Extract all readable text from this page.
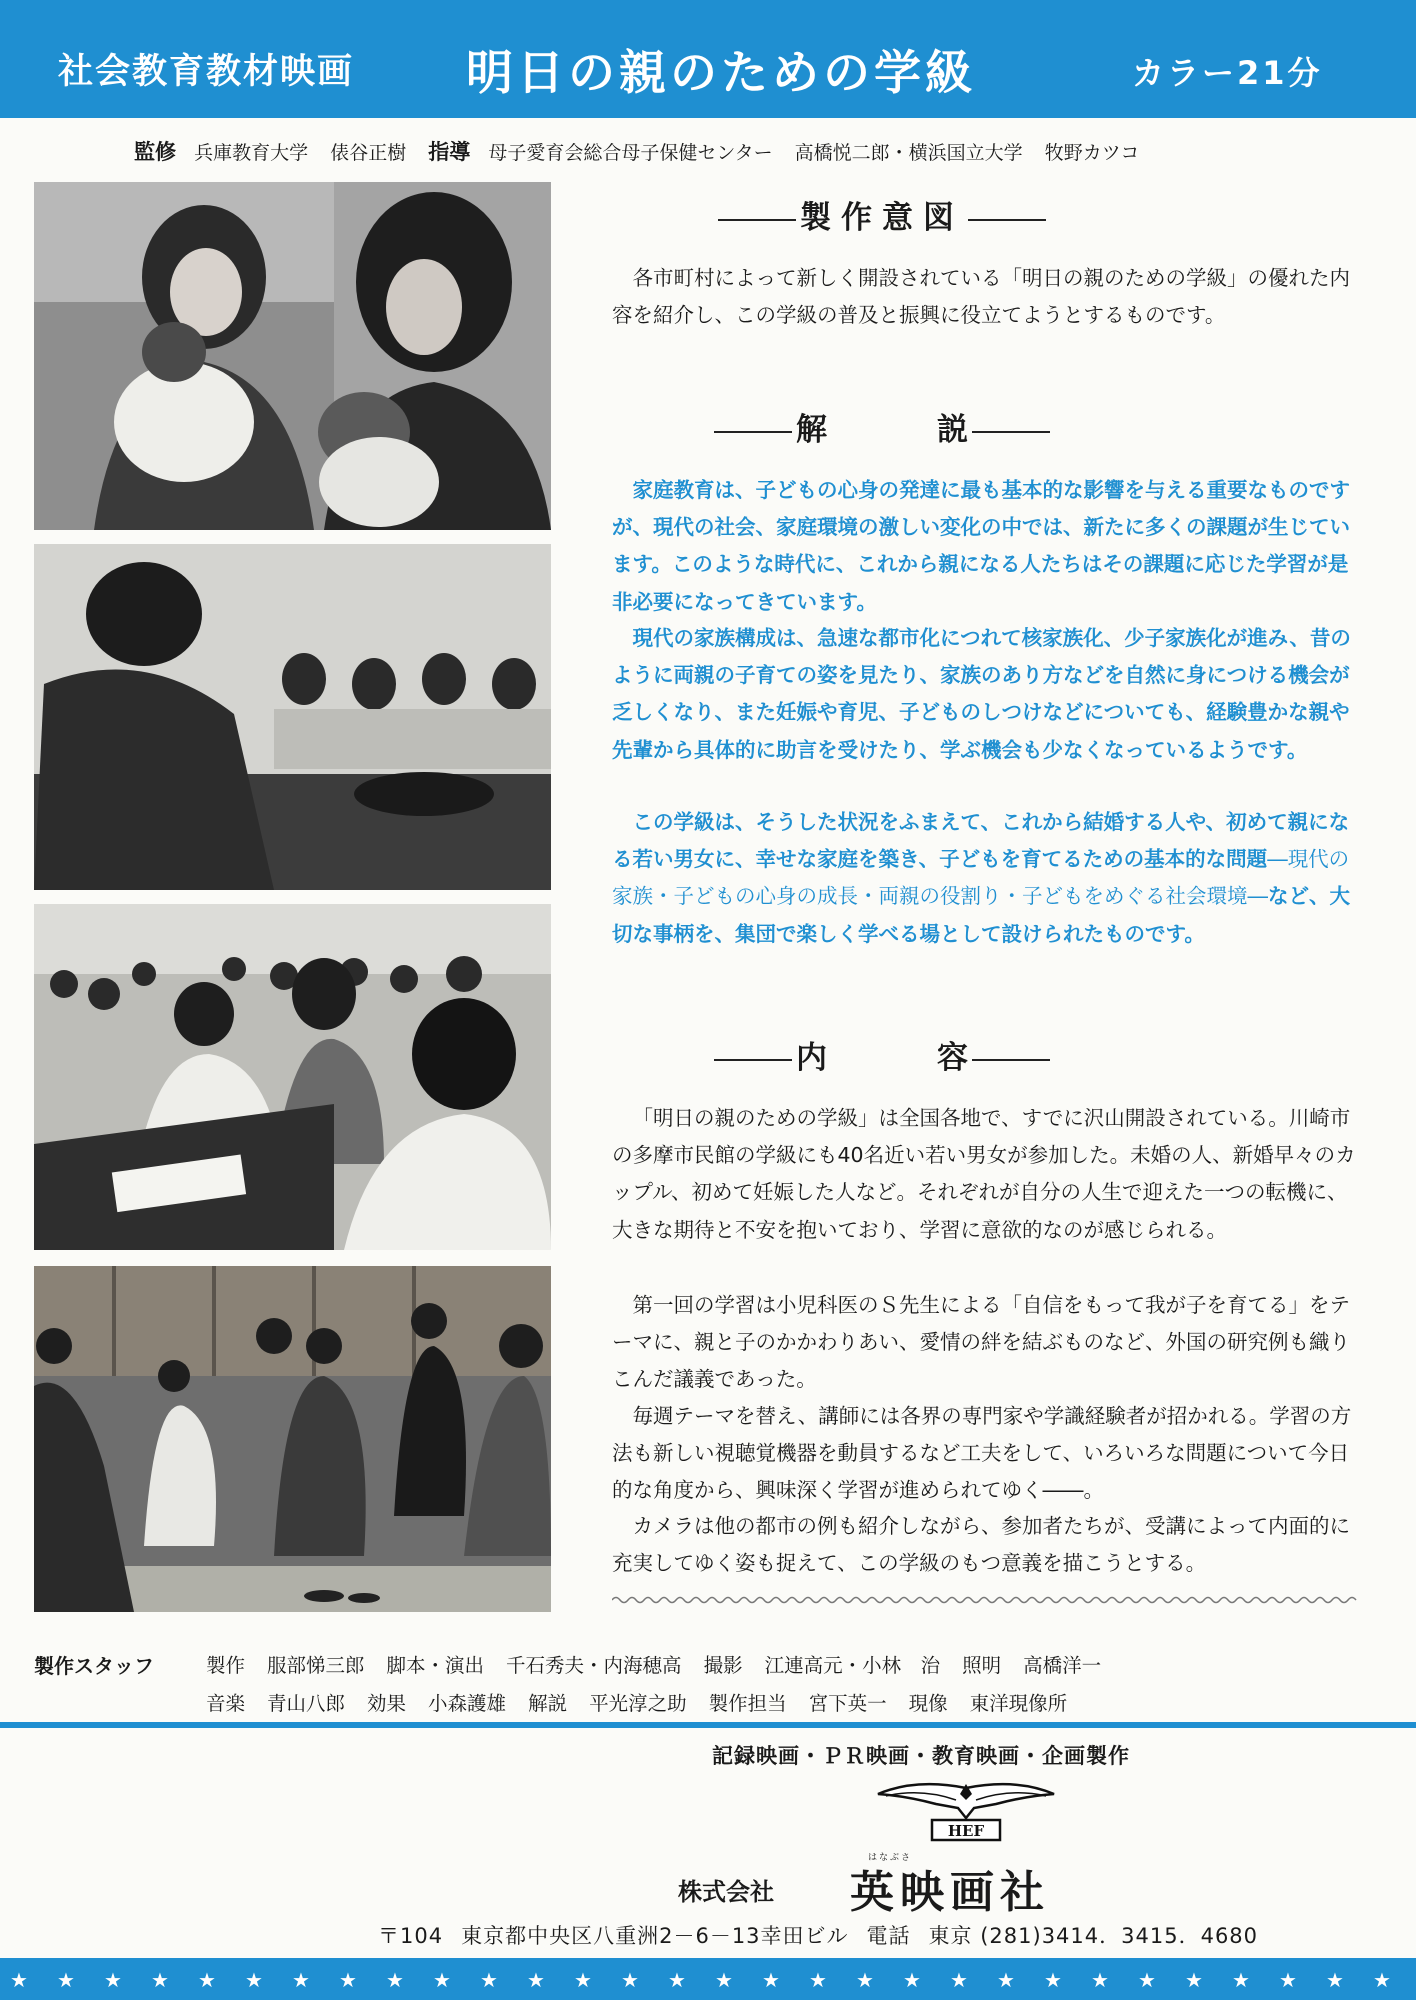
社会教育教材映画 明日の親のための学級	カラー21分
監修 兵庫教育大学 俵谷正樹 指導 母子愛育会総合母子保健センター 高橋悦二郎・横浜国立大学 牧野カツコ
製作意図

各市町村によって新しく開設されている「明日の親のための学級」の優れた内容を紹介し、この学級の普及と振興に役立てようとするものです。

解	説

家庭教育は、子どもの心身の発達に最も基本的な影響を与える重要なものですが、現代の社会、家庭環境の激しい変化の中では、新たに多くの課題が生じています。このような時代に、これから親になる人たちはその課題に応じた学習が是非必要になってきています。

現代の家族構成は、急速な都市化につれて核家族化、少子家族化が進み、昔のように両親の子育ての姿を見たり、家族のあり方などを自然に身につける機会が乏しくなり、また妊娠や育児、子どものしつけなどについても、経験豊かな親や先輩から具体的に助言を受けたり、学ぶ機会も少なくなっているようです。

この学級は、そうした状況をふまえて、これから結婚する人や、初めて親になる若い男女に、幸せな家庭を築き、子どもを育てるための基本的な問題―現代の家族・子どもの心身の成長・両親の役割り・子どもをめぐる社会環境―など、大切な事柄を、集団で楽しく学べる場として設けられたものです。

内	容

「明日の親のための学級」は全国各地で、すでに沢山開設されている。川崎市の多摩市民館の学級にも40名近い若い男女が参加した。未婚の人、新婚早々のカップル、初めて妊娠した人など。それぞれが自分の人生で迎えた一つの転機に、大きな期待と不安を抱いており、学習に意欲的なのが感じられる。

第一回の学習は小児科医のＳ先生による「自信をもって我が子を育てる」をテーマに、親と子のかかわりあい、愛情の絆を結ぶものなど、外国の研究例も織りこんだ議義であった。

毎週テーマを替え、講師には各界の専門家や学識経験者が招かれる。学習の方法も新しい視聴覚機器を動員するなど工夫をして、いろいろな問題について今日的な角度から、興味深く学習が進められてゆく――。

カメラは他の都市の例も紹介しながら、参加者たちが、受講によって内面的に充実してゆく姿も捉えて、この学級のもつ意義を描こうとする。

製作スタッフ	製作 服部悌三郎 脚本・演出 千石秀夫・内海穂高 撮影 江連高元・小林　治 照明 高橋洋一
音楽 青山八郎 効果 小森護雄 解説 平光淳之助 製作担当 宮下英一 現像 東洋現像所
記録映画・ＰＲ映画・教育映画・企画製作
HEF
株式会社
はなぶさ
英映画社
〒104 東京都中央区八重洲2－6－13幸田ビル 電話 東京 (281)3414．3415．4680
★ ★ ★ ★ ★ ★ ★ ★ ★ ★ ★ ★ ★ ★ ★ ★ ★ ★ ★ ★ ★ ★ ★ ★ ★ ★ ★ ★ ★ ★
